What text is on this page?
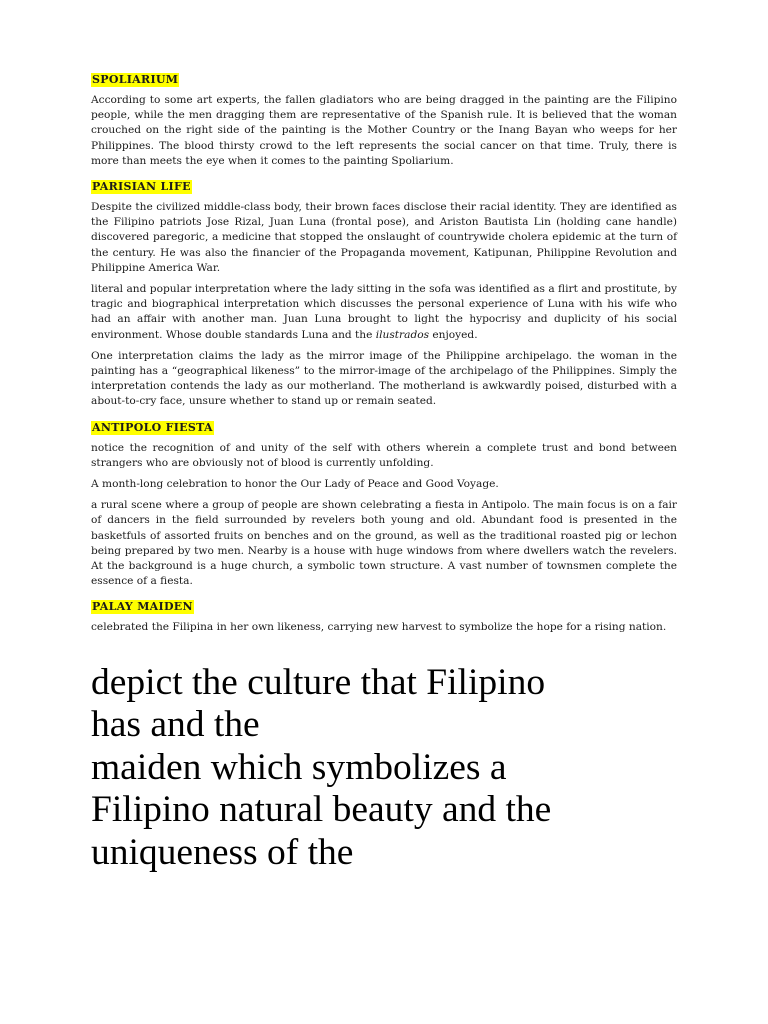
SPOLIARIUM

According to some art experts, the fallen gladiators who are being dragged in the painting are the Filipino people, while the men dragging them are representative of the Spanish rule. It is believed that the woman crouched on the right side of the painting is the Mother Country or the Inang Bayan who weeps for her Philippines. The blood thirsty crowd to the left represents the social cancer on that time. Truly, there is more than meets the eye when it comes to the painting Spoliarium.

PARISIAN LIFE

Despite the civilized middle-class body, their brown faces disclose their racial identity. They are identified as the Filipino patriots Jose Rizal, Juan Luna (frontal pose), and Ariston Bautista Lin (holding cane handle) discovered paregoric, a medicine that stopped the onslaught of countrywide cholera epidemic at the turn of the century. He was also the financier of the Propaganda movement, Katipunan, Philippine Revolution and Philippine America War.

literal and popular interpretation where the lady sitting in the sofa was identified as a flirt and prostitute, by tragic and biographical interpretation which discusses the personal experience of Luna with his wife who had an affair with another man. Juan Luna brought to light the hypocrisy and duplicity of his social environment. Whose double standards Luna and the ilustrados enjoyed.

One interpretation claims the lady as the mirror image of the Philippine archipelago. the woman in the painting has a “geographical likeness” to the mirror-image of the archipelago of the Philippines. Simply the interpretation contends the lady as our motherland. The motherland is awkwardly poised, disturbed with a about-to-cry face, unsure whether to stand up or remain seated.

ANTIPOLO FIESTA

notice the recognition of and unity of the self with others wherein a complete trust and bond between strangers who are obviously not of blood is currently unfolding.

A month-long celebration to honor the Our Lady of Peace and Good Voyage.

a rural scene where a group of people are shown celebrating a fiesta in Antipolo. The main focus is on a fair of dancers in the field surrounded by revelers both young and old. Abundant food is presented in the basketfuls of assorted fruits on benches and on the ground, as well as the traditional roasted pig or lechon being prepared by two men. Nearby is a house with huge windows from where dwellers watch the revelers. At the background is a huge church, a symbolic town structure. A vast number of townsmen complete the essence of a fiesta.

PALAY MAIDEN

celebrated the Filipina in her own likeness, carrying new harvest to symbolize the hope for a rising nation.

depict the culture that Filipino
has and the
maiden which symbolizes a
Filipino natural beauty and the
uniqueness of the
